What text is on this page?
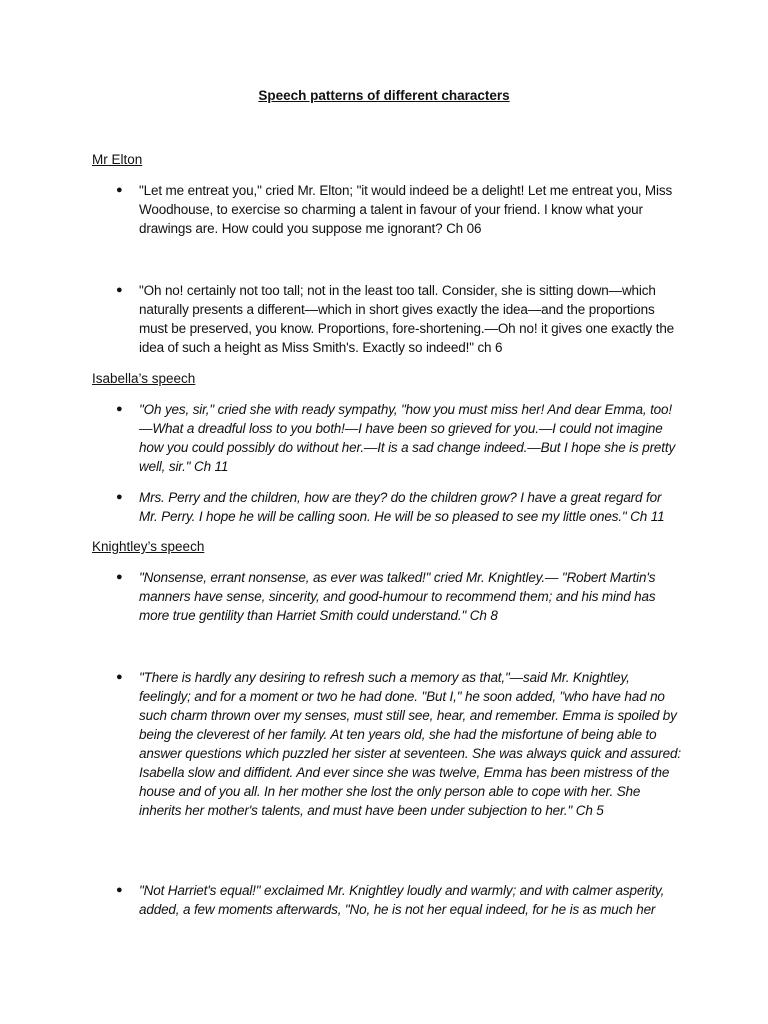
Speech patterns of different characters
Mr Elton
● "Let me entreat you," cried Mr. Elton; "it would indeed be a delight! Let me entreat you, Miss Woodhouse, to exercise so charming a talent in favour of your friend. I know what your drawings are. How could you suppose me ignorant? Ch 06
● "Oh no! certainly not too tall; not in the least too tall. Consider, she is sitting down—which naturally presents a different—which in short gives exactly the idea—and the proportions must be preserved, you know. Proportions, fore-shortening.—Oh no! it gives one exactly the idea of such a height as Miss Smith's. Exactly so indeed!" ch 6
Isabella’s speech
● "Oh yes, sir," cried she with ready sympathy, "how you must miss her! And dear Emma, too! —What a dreadful loss to you both!—I have been so grieved for you.—I could not imagine how you could possibly do without her.—It is a sad change indeed.—But I hope she is pretty well, sir." Ch 11
● Mrs. Perry and the children, how are they? do the children grow? I have a great regard for Mr. Perry. I hope he will be calling soon. He will be so pleased to see my little ones." Ch 11
Knightley’s speech
● "Nonsense, errant nonsense, as ever was talked!" cried Mr. Knightley.— "Robert Martin's manners have sense, sincerity, and good-humour to recommend them; and his mind has more true gentility than Harriet Smith could understand." Ch 8
● "There is hardly any desiring to refresh such a memory as that,"—said Mr. Knightley, feelingly; and for a moment or two he had done. "But I," he soon added, "who have had no such charm thrown over my senses, must still see, hear, and remember. Emma is spoiled by being the cleverest of her family. At ten years old, she had the misfortune of being able to answer questions which puzzled her sister at seventeen. She was always quick and assured: Isabella slow and diffident. And ever since she was twelve, Emma has been mistress of the house and of you all. In her mother she lost the only person able to cope with her. She inherits her mother's talents, and must have been under subjection to her." Ch 5
● "Not Harriet's equal!" exclaimed Mr. Knightley loudly and warmly; and with calmer asperity, added, a few moments afterwards, "No, he is not her equal indeed, for he is as much her
